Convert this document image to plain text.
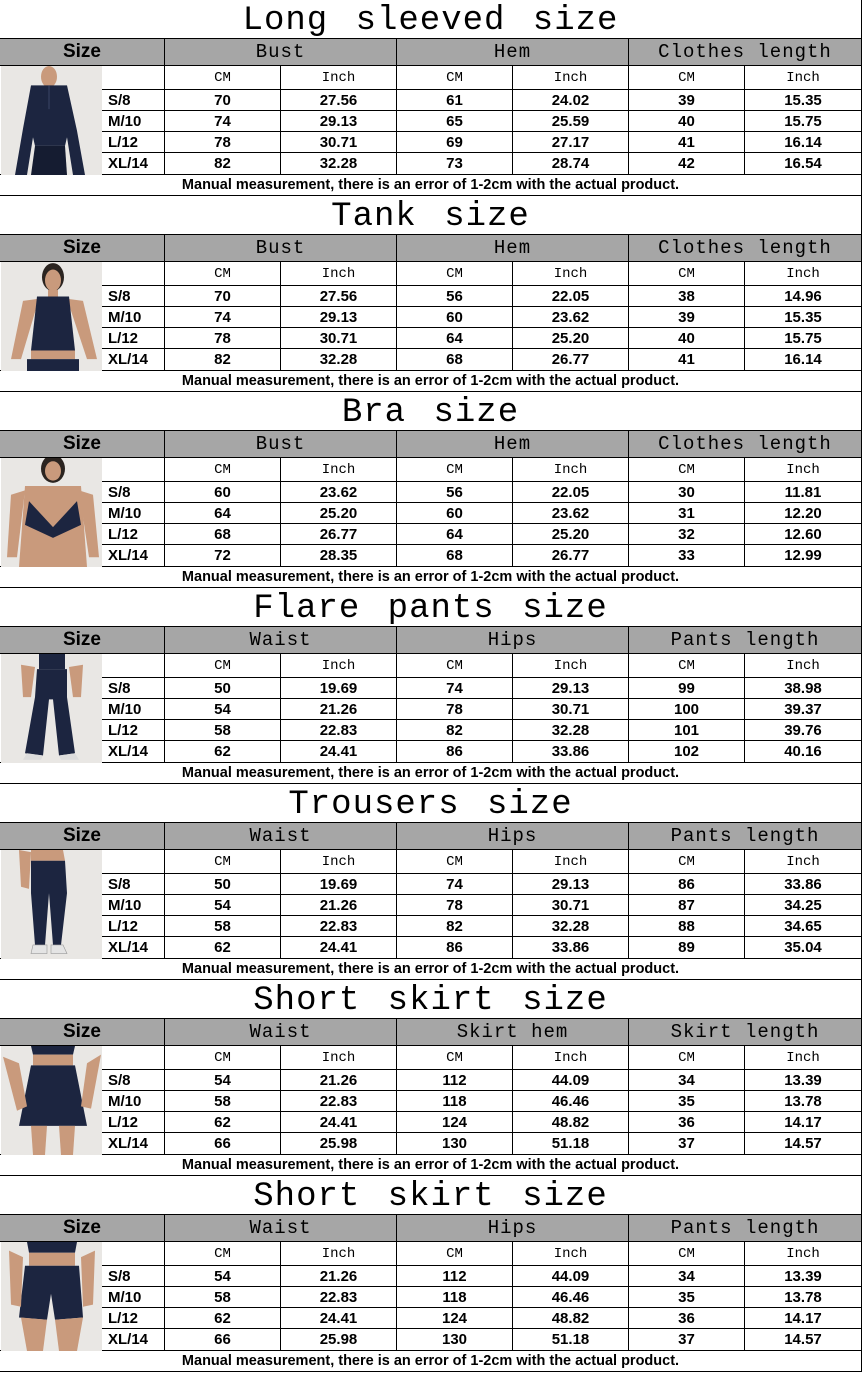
Long sleeved size
Size	Bust	Hem	Clothes length
CM	Inch	CM	Inch	CM	Inch
S/8	70	27.56	61	24.02	39	15.35
M/10	74	29.13	65	25.59	40	15.75
L/12	78	30.71	69	27.17	41	16.14
XL/14	82	32.28	73	28.74	42	16.54
Manual measurement, there is an error of 1-2cm with the actual product.
Tank size
Size	Bust	Hem	Clothes length
CM	Inch	CM	Inch	CM	Inch
S/8	70	27.56	56	22.05	38	14.96
M/10	74	29.13	60	23.62	39	15.35
L/12	78	30.71	64	25.20	40	15.75
XL/14	82	32.28	68	26.77	41	16.14
Manual measurement, there is an error of 1-2cm with the actual product.
Bra size
Size	Bust	Hem	Clothes length
CM	Inch	CM	Inch	CM	Inch
S/8	60	23.62	56	22.05	30	11.81
M/10	64	25.20	60	23.62	31	12.20
L/12	68	26.77	64	25.20	32	12.60
XL/14	72	28.35	68	26.77	33	12.99
Manual measurement, there is an error of 1-2cm with the actual product.
Flare pants size
Size	Waist	Hips	Pants length
CM	Inch	CM	Inch	CM	Inch
S/8	50	19.69	74	29.13	99	38.98
M/10	54	21.26	78	30.71	100	39.37
L/12	58	22.83	82	32.28	101	39.76
XL/14	62	24.41	86	33.86	102	40.16
Manual measurement, there is an error of 1-2cm with the actual product.
Trousers size
Size	Waist	Hips	Pants length
CM	Inch	CM	Inch	CM	Inch
S/8	50	19.69	74	29.13	86	33.86
M/10	54	21.26	78	30.71	87	34.25
L/12	58	22.83	82	32.28	88	34.65
XL/14	62	24.41	86	33.86	89	35.04
Manual measurement, there is an error of 1-2cm with the actual product.
Short skirt size
Size	Waist	Skirt hem	Skirt length
CM	Inch	CM	Inch	CM	Inch
S/8	54	21.26	112	44.09	34	13.39
M/10	58	22.83	118	46.46	35	13.78
L/12	62	24.41	124	48.82	36	14.17
XL/14	66	25.98	130	51.18	37	14.57
Manual measurement, there is an error of 1-2cm with the actual product.
Short skirt size
Size	Waist	Hips	Pants length
CM	Inch	CM	Inch	CM	Inch
S/8	54	21.26	112	44.09	34	13.39
M/10	58	22.83	118	46.46	35	13.78
L/12	62	24.41	124	48.82	36	14.17
XL/14	66	25.98	130	51.18	37	14.57
Manual measurement, there is an error of 1-2cm with the actual product.
